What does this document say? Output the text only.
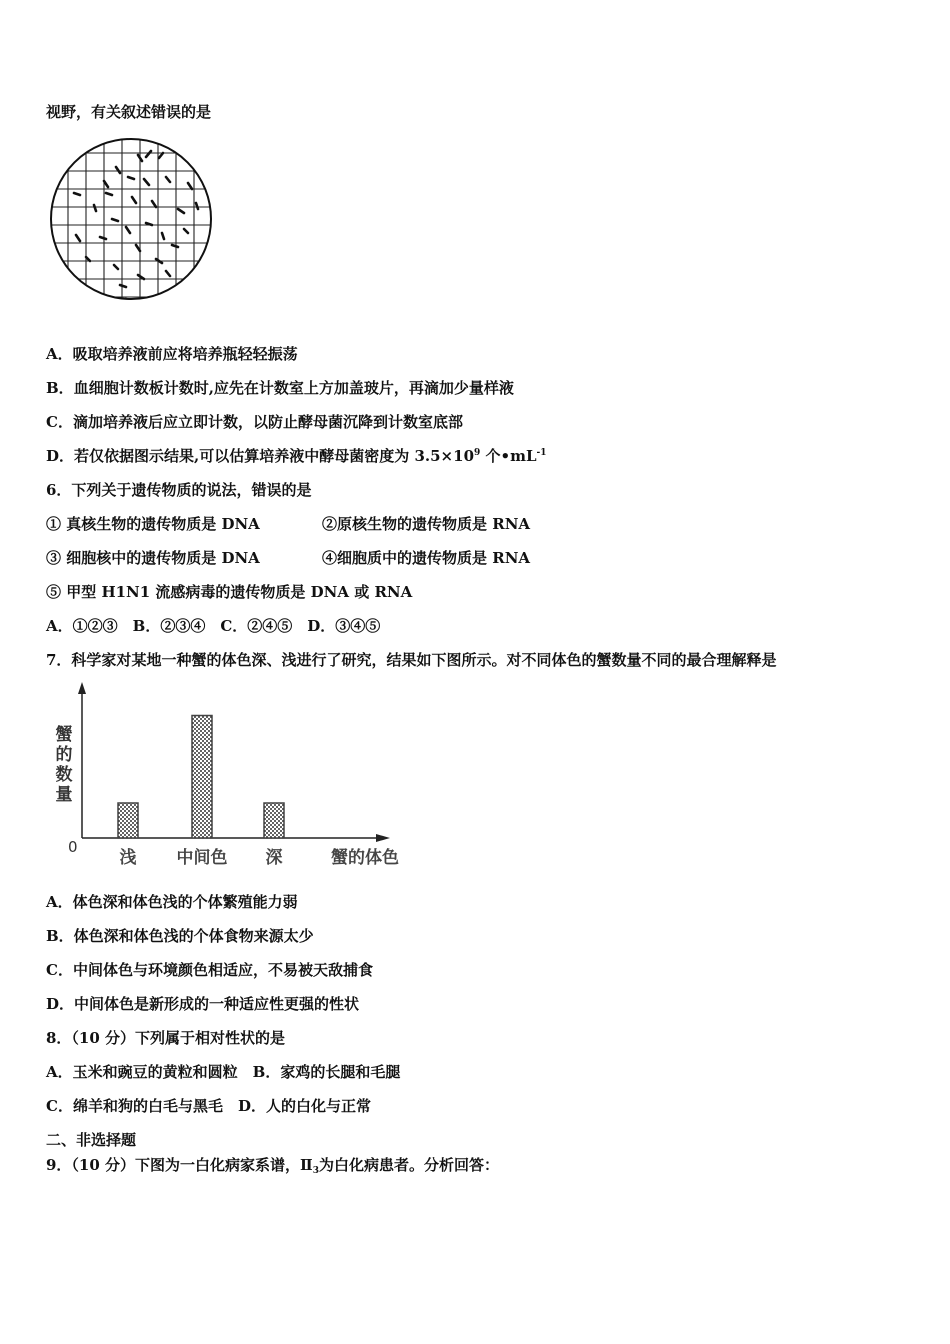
视野，有关叙述错误的是
A．吸取培养液前应将培养瓶轻轻振荡
B．血细胞计数板计数时,应先在计数室上方加盖玻片，再滴加少量样液
C．滴加培养液后应立即计数，以防止酵母菌沉降到计数室底部
D．若仅依据图示结果,可以估算培养液中酵母菌密度为 $3.5\times 10^9$ 个$•mL^{-1}$
6．下列关于遗传物质的说法，错误的是
① 真核生物的遗传物质是 DNA	②原核生物的遗传物质是 RNA
③ 细胞核中的遗传物质是 DNA	④细胞质中的遗传物质是 RNA
⑤ 甲型 H1N1 流感病毒的遗传物质是 DNA 或 RNA
A．①②③　B．②③④　C．②④⑤　D．③④⑤
7．科学家对某地一种蟹的体色深、浅进行了研究，结果如下图所示。对不同体色的蟹数量不同的最合理解释是
蟹
的
数
量
0
蟹的体色
浅 中间色 深
A．体色深和体色浅的个体繁殖能力弱
B．体色深和体色浅的个体食物来源太少
C．中间体色与环境颜色相适应，不易被天敌捕食
D．中间体色是新形成的一种适应性更强的性状
8．（10 分）下列属于相对性状的是
A．玉米和豌豆的黄粒和圆粒　B．家鸡的长腿和毛腿
C．绵羊和狗的白毛与黑毛　D．人的白化与正常
二、非选择题
9．（10 分）下图为一白化病家系谱，$Ⅱ_3$为白化病患者。分析回答：
